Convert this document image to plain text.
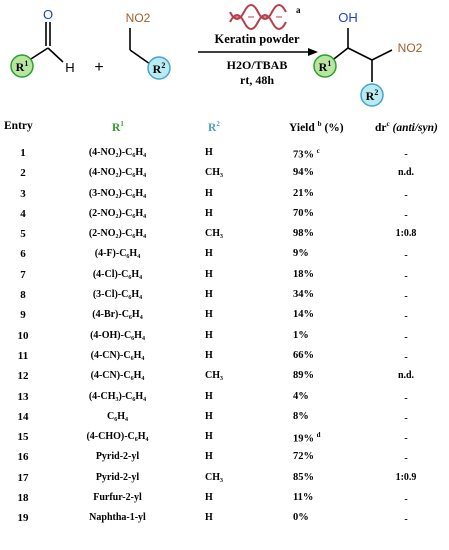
O
H
$R^1$	+
NO2
$R^2$
a
Keratin powder
H2O/TBAB
rt, 48h
OH
NO2
$R^1$
$R^2$
Entry	$R^1$	$R^2$	Yield $^b$ (%)	$dr^c$ (anti/syn)
1	(4-NO₂)-C₆H₄	H	73% $^c$	-
2	(4-NO₂)-C₆H₄	CH₃	94%	n.d.
3	(3-NO₂)-C₆H₄	H	21%	-
4	(2-NO₂)-C₆H₄	H	70%	-
5	(2-NO₂)-C₆H₄	CH₃	98%	1:0.8
6	(4-F)-C₆H₄	H	9%	-
7	(4-Cl)-C₆H₄	H	18%	-
8	(3-Cl)-C₆H₄	H	34%	-
9	(4-Br)-C₆H₄	H	14%	-
10	(4-OH)-C₆H₄	H	1%	-
11	(4-CN)-C₆H₄	H	66%	-
12	(4-CN)-C₆H₄	CH₃	89%	n.d.
13	(4-CH₃)-C₆H₄	H	4%	-
14	C₆H₄	H	8%	-
15	(4-CHO)-C₆H₄	H	19% $^d$	-
16	Pyrid-2-yl	H	72%	-
17	Pyrid-2-yl	CH₃	85%	1:0.9
18	Furfur-2-yl	H	11%	-
19	Naphtha-1-yl	H	0%	-
